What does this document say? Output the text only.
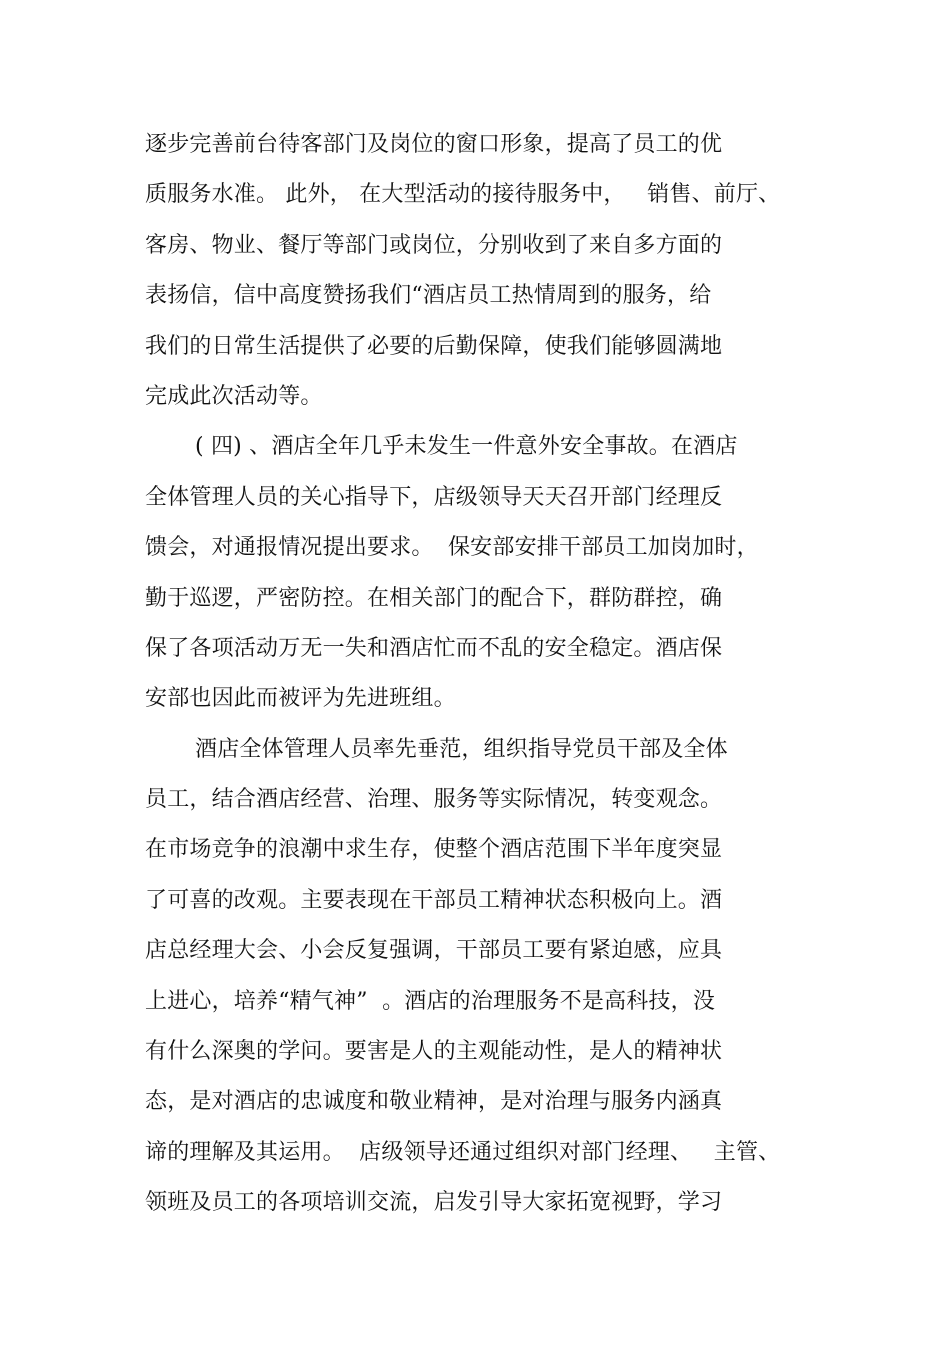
逐步完善前台待客部门及岗位的窗口形象，提高了员工的优
质服务水准。 此外， 在大型活动的接待服务中，   销售、前厅、
客房、物业、餐厅等部门或岗位，分别收到了来自多方面的
表扬信，信中高度赞扬我们“酒店员工热情周到的服务，给
我们的日常生活提供了必要的后勤保障，使我们能够圆满地
完成此次活动等。
( 四) 、酒店全年几乎未发生一件意外安全事故。在酒店
全体管理人员的关心指导下，店级领导天天召开部门经理反
馈会，对通报情况提出要求。  保安部安排干部员工加岗加时，
勤于巡逻，严密防控。在相关部门的配合下，群防群控，确
保了各项活动万无一失和酒店忙而不乱的安全稳定。酒店保
安部也因此而被评为先进班组。
酒店全体管理人员率先垂范，组织指导党员干部及全体
员工，结合酒店经营、治理、服务等实际情况，转变观念。
在市场竞争的浪潮中求生存，使整个酒店范围下半年度突显
了可喜的改观。主要表现在干部员工精神状态积极向上。酒
店总经理大会、小会反复强调，干部员工要有紧迫感，应具
上进心，培养“精气神”  。酒店的治理服务不是高科技，没
有什么深奥的学问。要害是人的主观能动性，是人的精神状
态，是对酒店的忠诚度和敬业精神，是对治理与服务内涵真
谛的理解及其运用。  店级领导还通过组织对部门经理、   主管、
领班及员工的各项培训交流，启发引导大家拓宽视野，学习
